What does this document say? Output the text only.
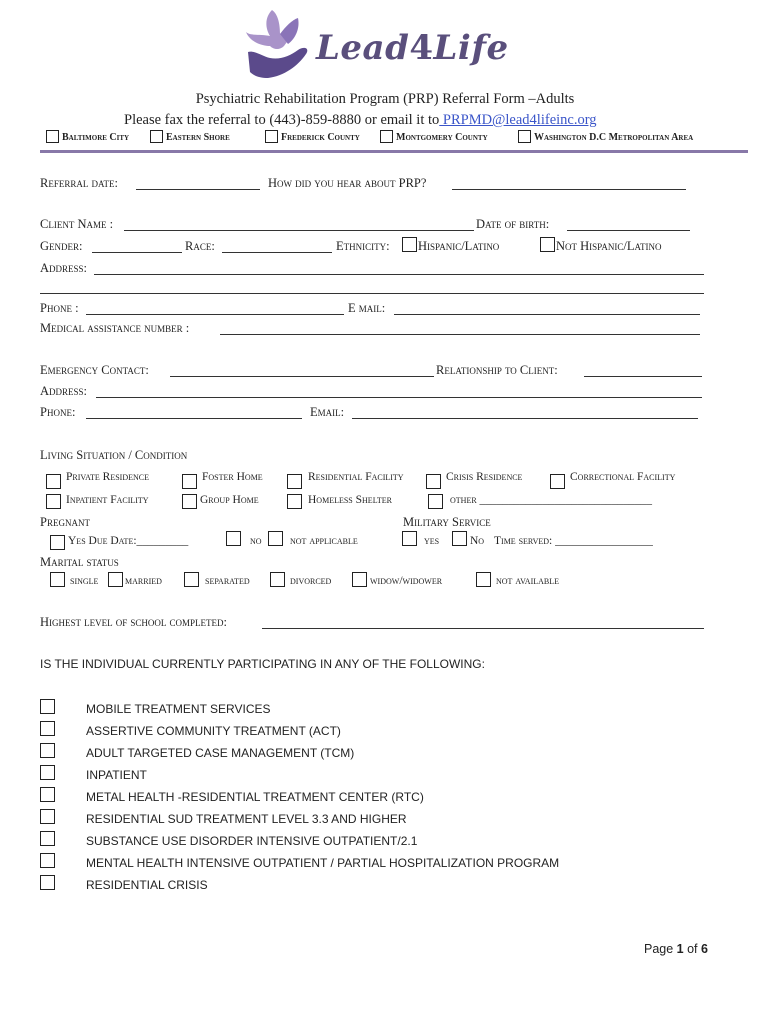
Lead4Life
Psychiatric Rehabilitation Program (PRP) Referral Form –Adults
Please fax the referral to (443)-859-8880 or email it to PRPMD@lead4lifeinc.org
Baltimore City	Eastern Shore	Frederick County	Montgomery County	Washington D.C Metropolitan Area
Referral date:	How did you hear about PRP?
Client Name :	Date of birth:
Gender:	Race:	Ethnicity: Hispanic/Latino	Not Hispanic/Latino
Address:
Phone :	E mail:
Medical assistance number :
Emergency Contact:	Relationship to Client:
Address:
Phone:	Email:
Living Situation / Condition
Private Residence	Foster Home	Residential Facility	Crisis Residence	Correctional Facility
Inpatient Facility	Group Home	Homeless Shelter	other ______________________________
Pregnant	Military Service
Yes Due Date:_________	no not applicable	yes	No Time served: _________________
Marital status
single married	separated	divorced	widow/widower	not available
Highest level of school completed:
IS THE INDIVIDUAL CURRENTLY PARTICIPATING IN ANY OF THE FOLLOWING:
MOBILE TREATMENT SERVICES
ASSERTIVE COMMUNITY TREATMENT (ACT)
ADULT TARGETED CASE MANAGEMENT (TCM)
INPATIENT
METAL HEALTH -RESIDENTIAL TREATMENT CENTER (RTC)
RESIDENTIAL SUD TREATMENT LEVEL 3.3 AND HIGHER
SUBSTANCE USE DISORDER INTENSIVE OUTPATIENT/2.1
MENTAL HEALTH INTENSIVE OUTPATIENT / PARTIAL HOSPITALIZATION PROGRAM
RESIDENTIAL CRISIS
Page 1 of 6
